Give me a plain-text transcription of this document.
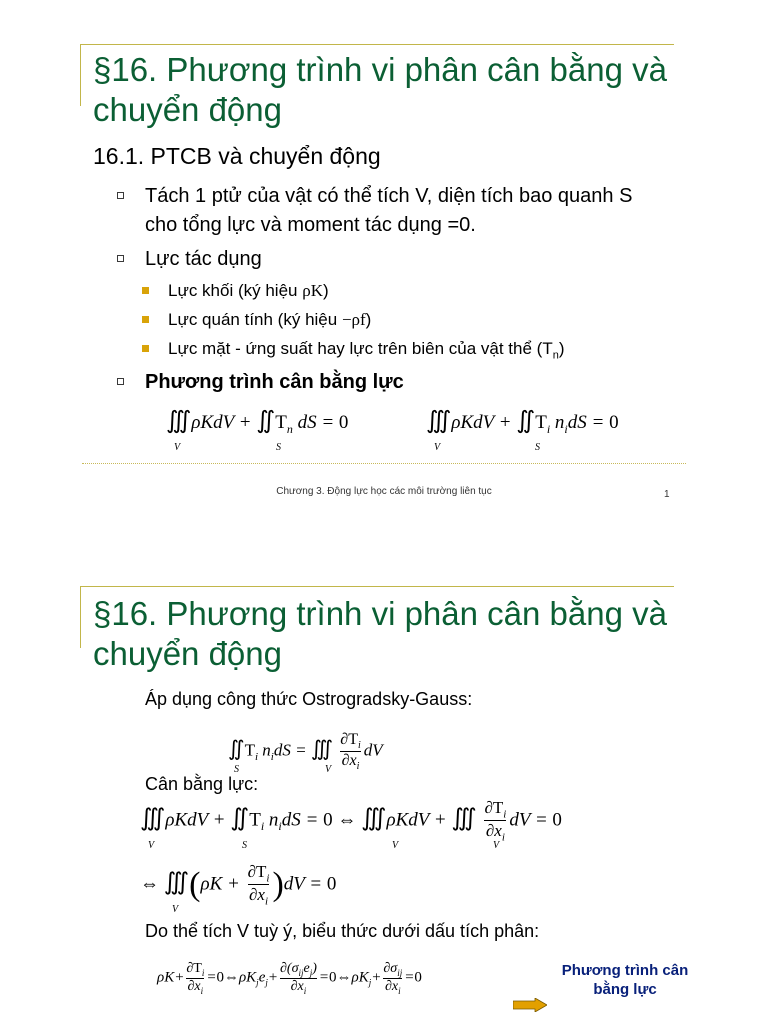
§16. Phương trình vi phân cân bằng và chuyển động
16.1. PTCB và chuyển động
Tách 1 ptử của vật có thể tích V, diện tích bao quanh S cho tổng lực và moment tác dụng =0.
Lực tác dụng
Lực khối (ký hiệu ρK)
Lực quán tính (ký hiệu −ρf)
Lực mặt - ứng suất hay lực trên biên của vật thể $(T_n)$
Phương trình cân bằng lực
∭ρKdV + $∬T_n$ dS = 0
V	S
∭ρKdV + $∬T_i$ $n_idS = 0$
V	S
Chương 3. Động lực học các môi trường liên tục	1
§16. Phương trình vi phân cân bằng và chuyển động
Áp dụng công thức Ostrogradsky-Gauss:
$∬T_i$ $n_idS$ = ∭ $\frac{\partial T_i}{\partial x_i}$ dV
S	V
Cân bằng lực:
∭ρKdV + $∬T_i$ $n_idS = 0$ ⇔ ∭ρKdV + ∭ $\frac{\partial T_i}{\partial x_i}$ dV = 0
V	S	V	V
⇔ ∭(ρK + $\frac{\partial T_i}{\partial x_i} )dV = 0$
V
Do thể tích V tuỳ ý, biểu thức dưới dấu tích phân:
$\rho K+ \frac{\partial T_i}{\partial x_i}$ $=0\Leftrightarrow\rho K_je_j+$
$\partial(\sigma_{ij}e_j)$
$\partial x_i$
$=0\Leftrightarrow\rho K_j+$
$\partial\sigma_{ij}$
$\partial x_i$
=0	Phương trình cân bằng lực
